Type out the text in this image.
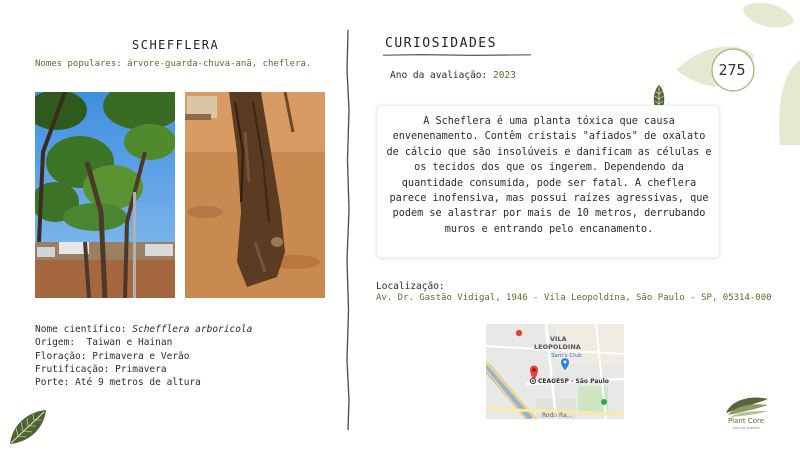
SCHEFFLERA
Nomes populares: árvore-guarda-chuva-anã, cheflera.
Nome científico: Schefflera arboricola
Origem: Taiwan e Hainan
Floração: Primavera e Verão
Frutificação: Primavera
Porte: Até 9 metros de altura
CURIOSIDADES
Ano da avaliação: 2023	275
A Scheflera é uma planta tóxica que causa envenenamento. Contêm cristais "afiados" de oxalato de cálcio que são insolúveis e danificam as células e os tecidos dos que os ingerem. Dependendo da quantidade consumida, pode ser fatal. A cheflera parece inofensiva, mas possui raízes agressivas, que podem se alastrar por mais de 10 metros, derrubando muros e entrando pelo encanamento.
Localização:
Av. Dr. Gastão Vidigal, 1946 - Vila Leopoldina, São Paulo - SP, 05314-000
VILA
LEOPOLDINA
Sam's Club
CEAGESP - São Paulo
Rodo Ra...
Plant Core
guia de plantas
